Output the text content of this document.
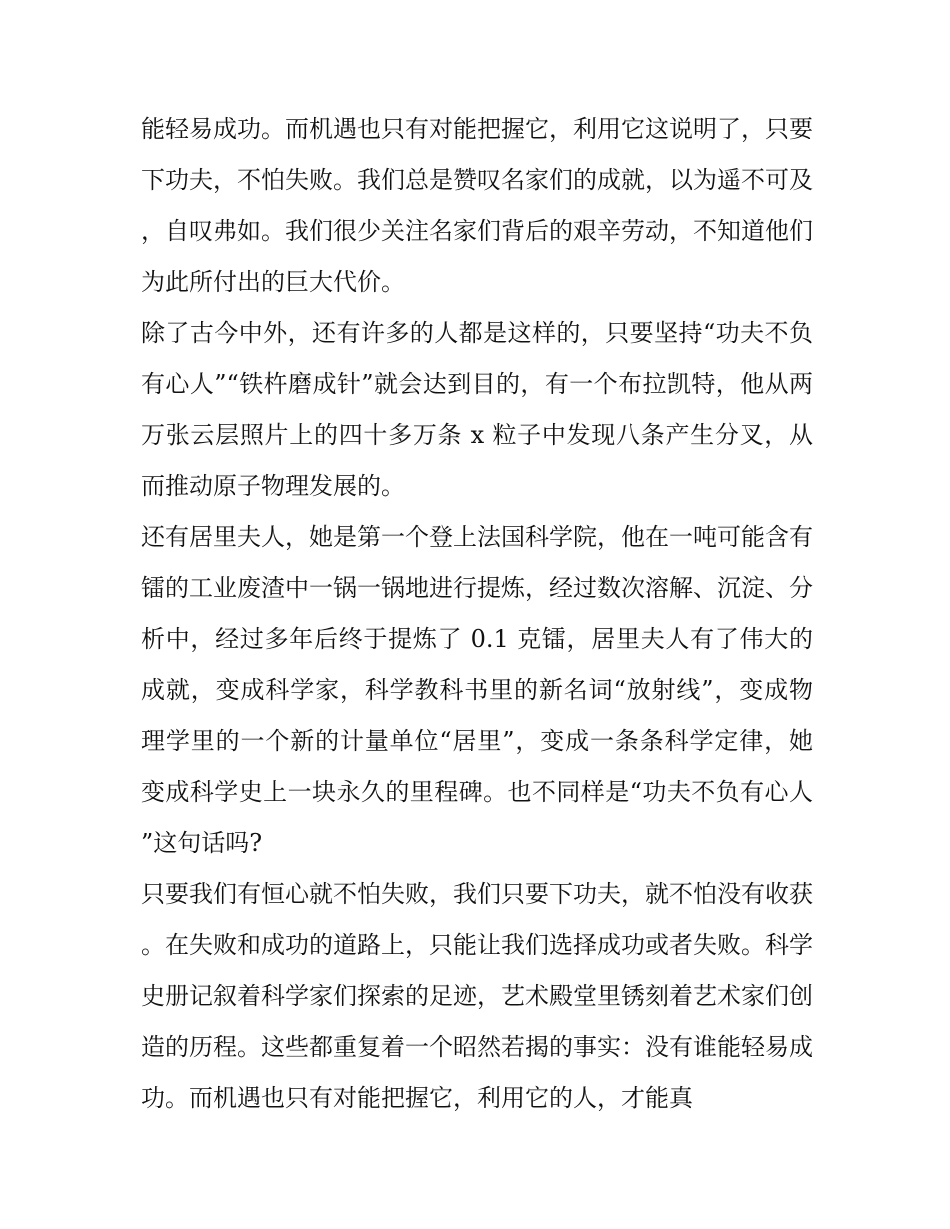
能轻易成功。而机遇也只有对能把握它，利用它这说明了，只要下功夫，不怕失败。我们总是赞叹名家们的成就，以为遥不可及，自叹弗如。我们很少关注名家们背后的艰辛劳动，不知道他们为此所付出的巨大代价。

除了古今中外，还有许多的人都是这样的，只要坚持“功夫不负有心人”“铁杵磨成针”就会达到目的，有一个布拉凯特，他从两万张云层照片上的四十多万条 x 粒子中发现八条产生分叉，从而推动原子物理发展的。

还有居里夫人，她是第一个登上法国科学院，他在一吨可能含有镭的工业废渣中一锅一锅地进行提炼，经过数次溶解、沉淀、分析中，经过多年后终于提炼了 0.1 克镭，居里夫人有了伟大的成就，变成科学家，科学教科书里的新名词“放射线”，变成物理学里的一个新的计量单位“居里”，变成一条条科学定律，她变成科学史上一块永久的里程碑。也不同样是“功夫不负有心人”这句话吗?

只要我们有恒心就不怕失败，我们只要下功夫，就不怕没有收获。在失败和成功的道路上，只能让我们选择成功或者失败。科学史册记叙着科学家们探索的足迹，艺术殿堂里锈刻着艺术家们创造的历程。这些都重复着一个昭然若揭的事实：没有谁能轻易成功。而机遇也只有对能把握它，利用它的人，才能真
